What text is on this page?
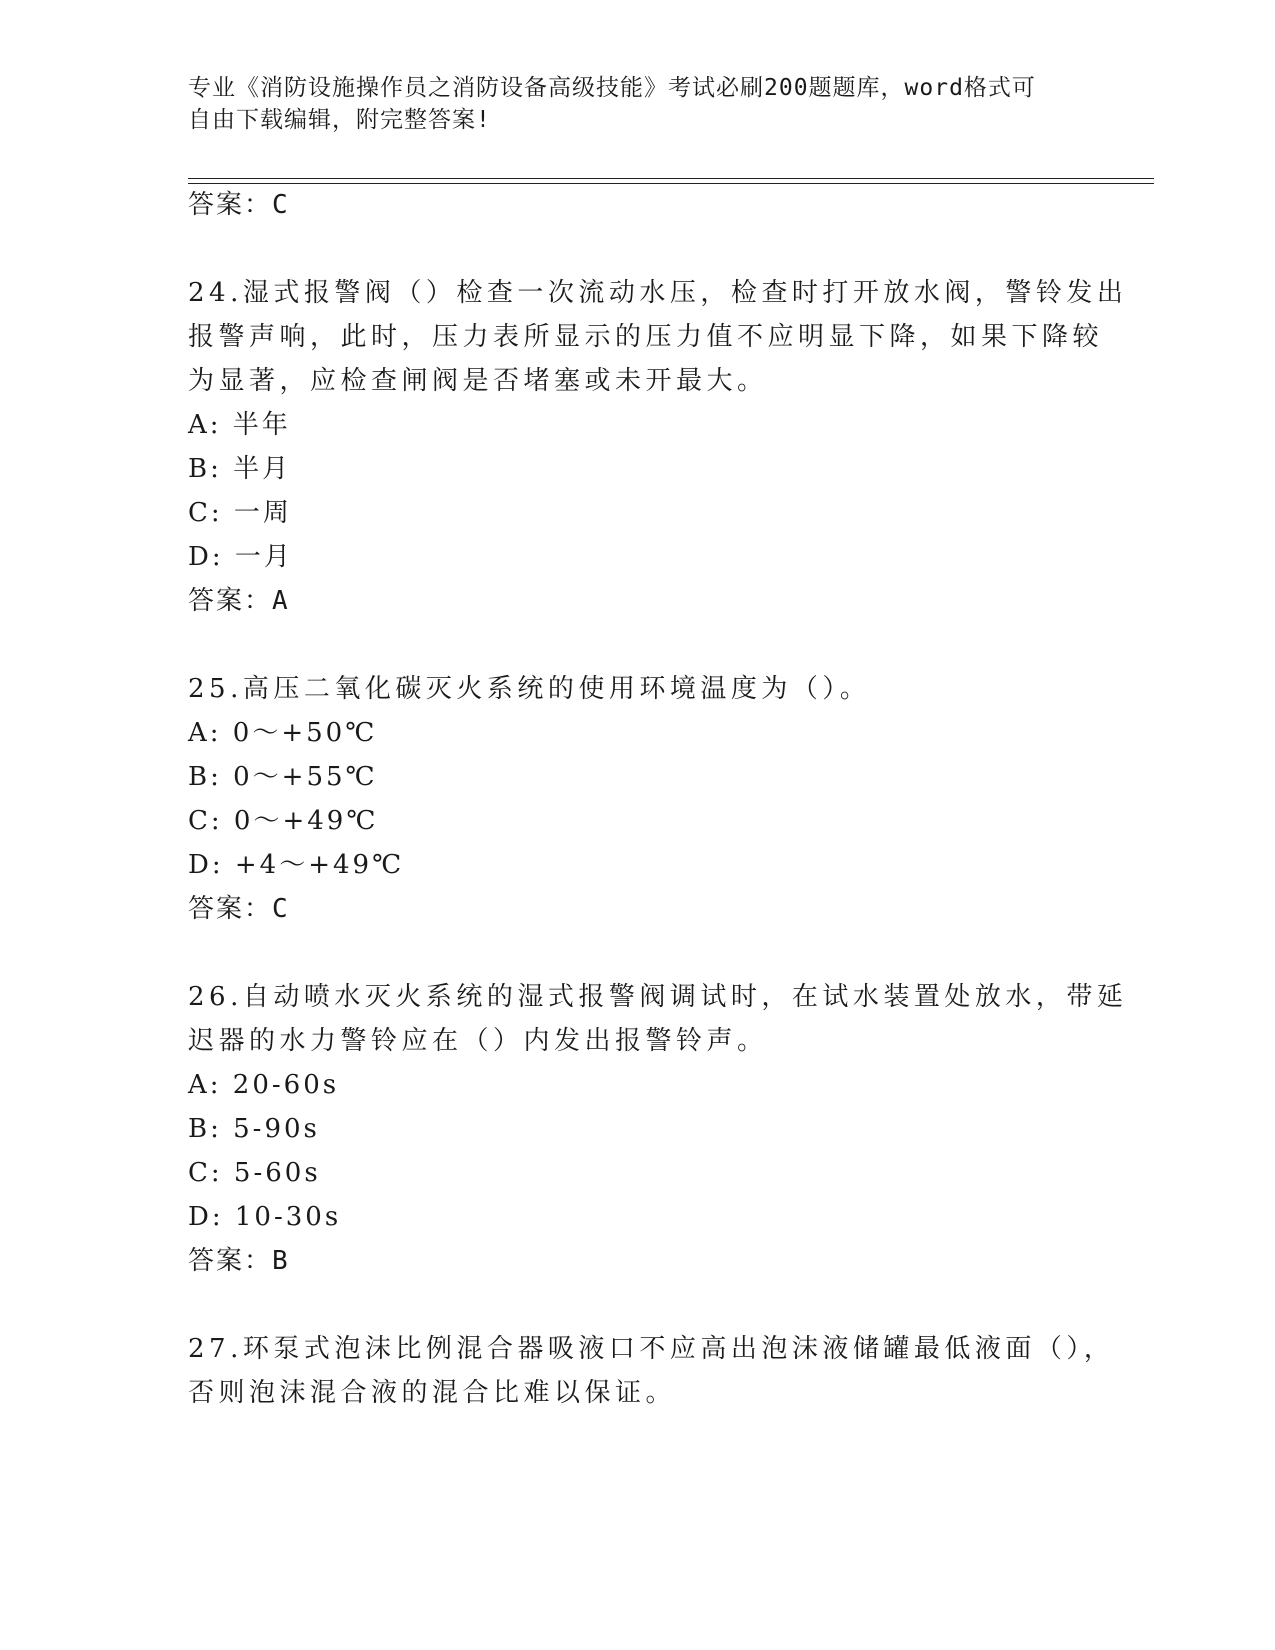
专业《消防设施操作员之消防设备高级技能》考试必刷200题题库，word格式可
自由下载编辑，附完整答案!
答案：C
24.湿式报警阀（）检查一次流动水压，检查时打开放水阀，警铃发出
报警声响，此时，压力表所显示的压力值不应明显下降，如果下降较
为显著，应检查闸阀是否堵塞或未开最大。
A: 半年
B: 半月
C: 一周
D: 一月
答案：A
25.高压二氧化碳灭火系统的使用环境温度为（）。
A: 0～+50℃
B: 0～+55℃
C: 0～+49℃
D: +4～+49℃
答案：C
26.自动喷水灭火系统的湿式报警阀调试时，在试水装置处放水，带延
迟器的水力警铃应在（）内发出报警铃声。
A: 20-60s
B: 5-90s
C: 5-60s
D: 10-30s
答案：B
27.环泵式泡沫比例混合器吸液口不应高出泡沫液储罐最低液面（），
否则泡沫混合液的混合比难以保证。
